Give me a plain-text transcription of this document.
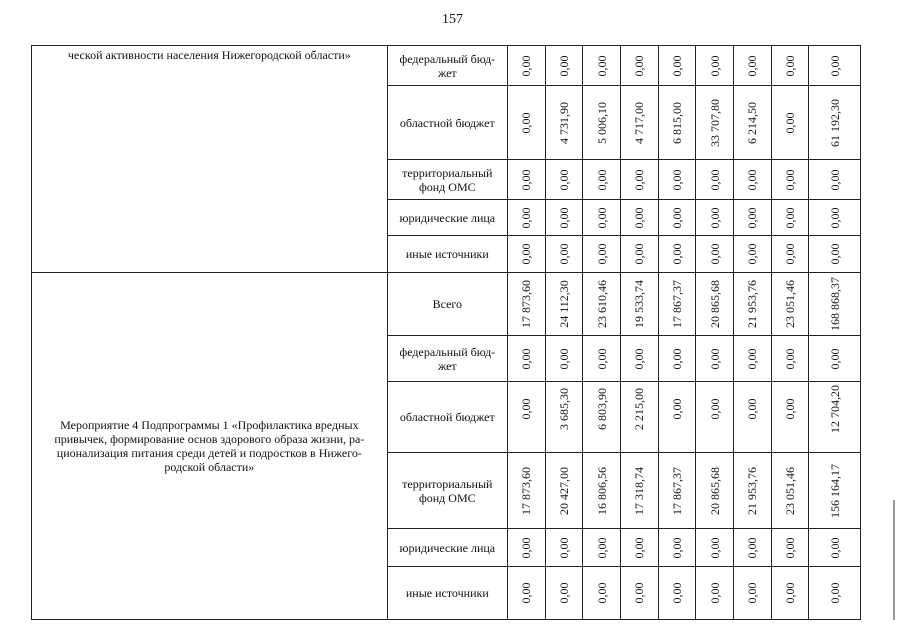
157
ческой активности населения Нижегородской области»	федеральный бюд-жет	0,00	0,00	0,00	0,00	0,00	0,00	0,00	0,00	0,00

	областной бюджет	0,00	4 731,90	5 006,10	4 717,00	6 815,00	33 707,80	6 214,50	0,00	61 192,30

	территориальный фонд ОМС	0,00	0,00	0,00	0,00	0,00	0,00	0,00	0,00	0,00

	юридические лица	0,00	0,00	0,00	0,00	0,00	0,00	0,00	0,00	0,00

	иные источники	0,00	0,00	0,00	0,00	0,00	0,00	0,00	0,00	0,00

Мероприятие 4 Подпрограммы 1 «Профилактика вредных привычек, формирование основ здорового образа жизни, ра-ционализация питания среди детей и подростков в Нижего-родской области»	Всего	17 873,60	24 112,30	23 610,46	19 533,74	17 867,37	20 865,68	21 953,76	23 051,46	168 868,37

	федеральный бюд-жет	0,00	0,00	0,00	0,00	0,00	0,00	0,00	0,00	0,00

	областной бюджет	0,00	3 685,30	6 803,90	2 215,00	0,00	0,00	0,00	0,00	12 704,20

	территориальный фонд ОМС	17 873,60	20 427,00	16 806,56	17 318,74	17 867,37	20 865,68	21 953,76	23 051,46	156 164,17

	юридические лица	0,00	0,00	0,00	0,00	0,00	0,00	0,00	0,00	0,00

	иные источники	0,00	0,00	0,00	0,00	0,00	0,00	0,00	0,00	0,00
